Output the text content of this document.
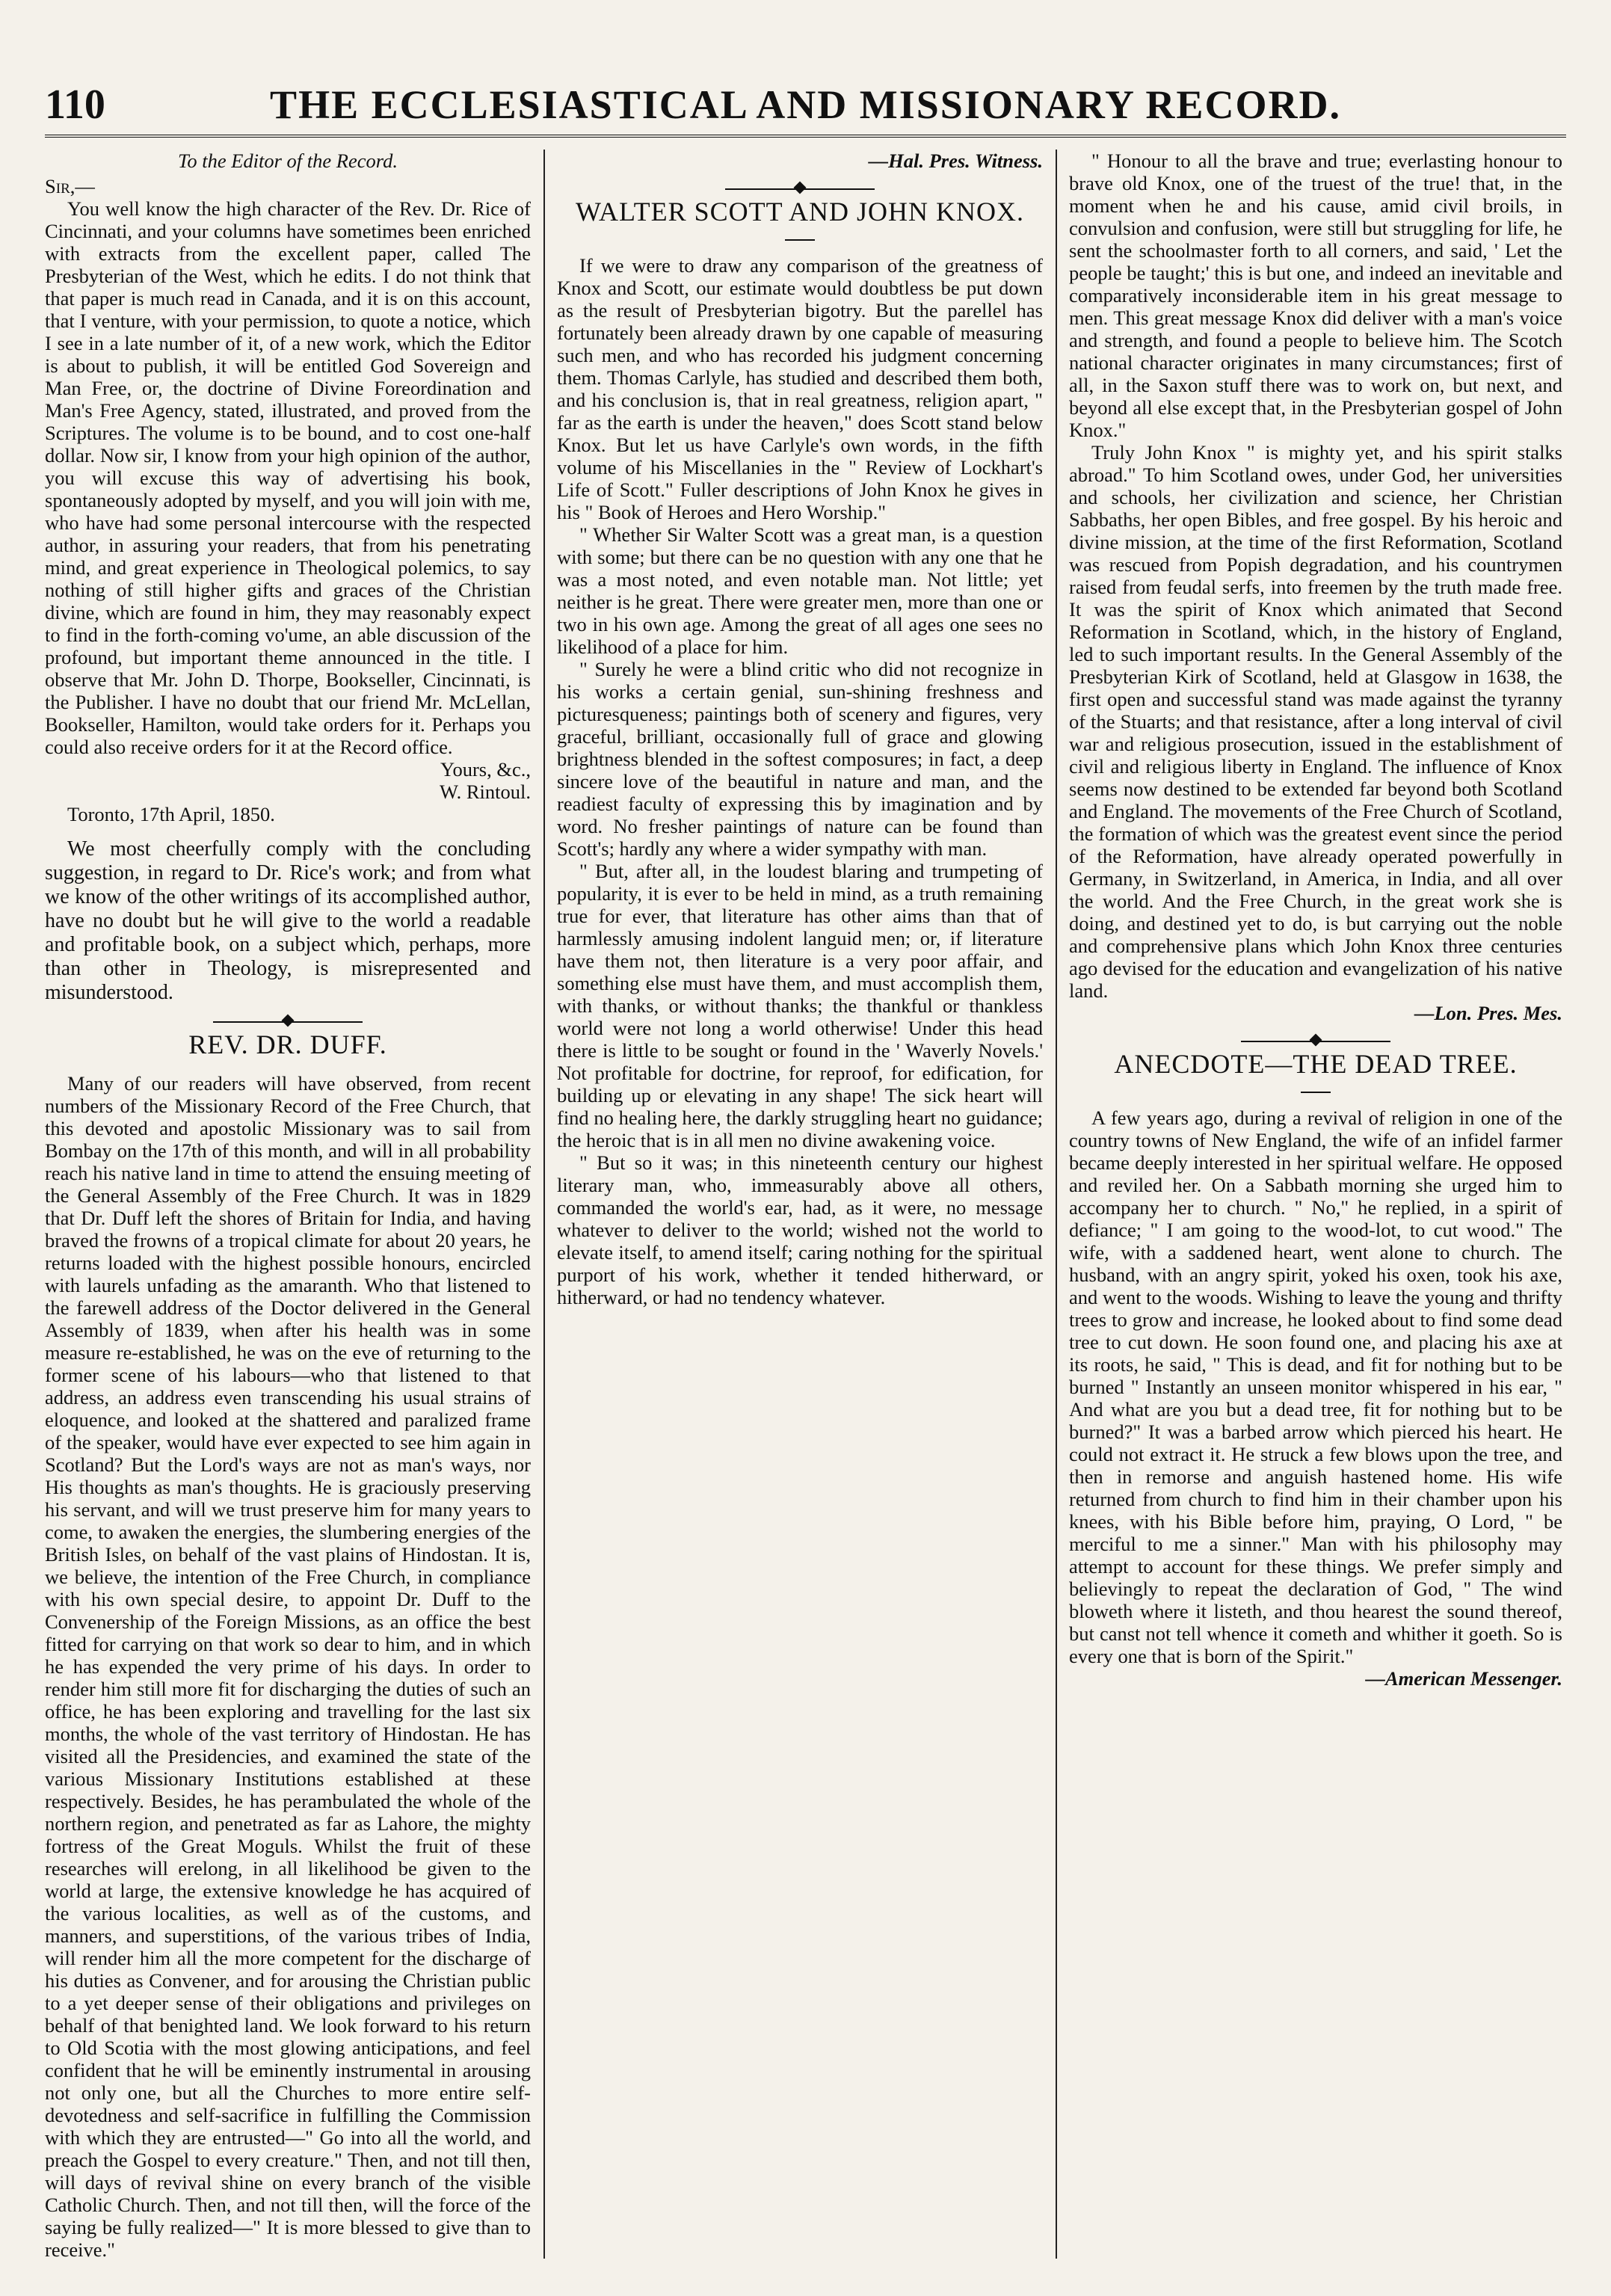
110	THE ECCLESIASTICAL AND MISSIONARY RECORD.

To the Editor of the Record.

Sir,—

You well know the high character of the Rev. Dr. Rice of Cincinnati, and your columns have sometimes been enriched with extracts from the excellent paper, called The Presbyterian of the West, which he edits. I do not think that that paper is much read in Canada, and it is on this account, that I venture, with your permission, to quote a notice, which I see in a late number of it, of a new work, which the Editor is about to publish, it will be entitled God Sovereign and Man Free, or, the doctrine of Divine Foreordination and Man's Free Agency, stated, illustrated, and proved from the Scriptures. The volume is to be bound, and to cost one-half dollar. Now sir, I know from your high opinion of the author, you will excuse this way of advertising his book, spontaneously adopted by myself, and you will join with me, who have had some personal intercourse with the respected author, in assuring your readers, that from his penetrating mind, and great experience in Theological polemics, to say nothing of still higher gifts and graces of the Christian divine, which are found in him, they may reasonably expect to find in the forth-coming vo'ume, an able discussion of the profound, but important theme announced in the title. I observe that Mr. John D. Thorpe, Bookseller, Cincinnati, is the Publisher. I have no doubt that our friend Mr. McLellan, Bookseller, Hamilton, would take orders for it. Perhaps you could also receive orders for it at the Record office.

Yours, &c.,

W. Rintoul.

Toronto, 17th April, 1850.

We most cheerfully comply with the concluding suggestion, in regard to Dr. Rice's work; and from what we know of the other writings of its accomplished author, have no doubt but he will give to the world a readable and profitable book, on a subject which, perhaps, more than other in Theology, is misrepresented and misunderstood.

REV. DR. DUFF.

Many of our readers will have observed, from recent numbers of the Missionary Record of the Free Church, that this devoted and apostolic Missionary was to sail from Bombay on the 17th of this month, and will in all probability reach his native land in time to attend the ensuing meeting of the General Assembly of the Free Church. It was in 1829 that Dr. Duff left the shores of Britain for India, and having braved the frowns of a tropical climate for about 20 years, he returns loaded with the highest possible honours, encircled with laurels unfading as the amaranth. Who that listened to the farewell address of the Doctor delivered in the General Assembly of 1839, when after his health was in some measure re-established, he was on the eve of returning to the former scene of his labours—who that listened to that address, an address even transcending his usual strains of eloquence, and looked at the shattered and paralized frame of the speaker, would have ever expected to see him again in Scotland? But the Lord's ways are not as man's ways, nor His thoughts as man's thoughts. He is graciously preserving his servant, and will we trust preserve him for many years to come, to awaken the energies, the slumbering energies of the British Isles, on behalf of the vast plains of Hindostan. It is, we believe, the intention of the Free Church, in compliance with his own special desire, to appoint Dr. Duff to the Convenership of the Foreign Missions, as an office the best fitted for carrying on that work so dear to him, and in which he has expended the very prime of his days. In order to render him still more fit for discharging the duties of such an office, he has been exploring and travelling for the last six months, the whole of the vast territory of Hindostan. He has visited all the Presidencies, and examined the state of the various Missionary Institutions established at these respectively. Besides, he has perambulated the whole of the northern region, and penetrated as far as Lahore, the mighty fortress of the Great Moguls. Whilst the fruit of these researches will erelong, in all likelihood be given to the world at large, the extensive knowledge he has acquired of the various localities, as well as of the customs, and manners, and superstitions, of the various tribes of India, will render him all the more competent for the discharge of his duties as Convener, and for arousing the Christian public to a yet deeper sense of their obligations and privileges on behalf of that benighted land. We look forward to his return to Old Scotia with the most glowing anticipations, and feel confident that he will be eminently instrumental in arousing not only one, but all the Churches to more entire self-devotedness and self-sacrifice in fulfilling the Commission with which they are entrusted—" Go into all the world, and preach the Gospel to every creature." Then, and not till then, will days of revival shine on every branch of the visible Catholic Church. Then, and not till then, will the force of the saying be fully realized—" It is more blessed to give than to receive."

—Hal. Pres. Witness.

WALTER SCOTT AND JOHN KNOX.

If we were to draw any comparison of the greatness of Knox and Scott, our estimate would doubtless be put down as the result of Presbyterian bigotry. But the parellel has fortunately been already drawn by one capable of measuring such men, and who has recorded his judgment concerning them. Thomas Carlyle, has studied and described them both, and his conclusion is, that in real greatness, religion apart, " far as the earth is under the heaven," does Scott stand below Knox. But let us have Carlyle's own words, in the fifth volume of his Miscellanies in the " Review of Lockhart's Life of Scott." Fuller descriptions of John Knox he gives in his " Book of Heroes and Hero Worship."

" Whether Sir Walter Scott was a great man, is a question with some; but there can be no question with any one that he was a most noted, and even notable man. Not little; yet neither is he great. There were greater men, more than one or two in his own age. Among the great of all ages one sees no likelihood of a place for him.

" Surely he were a blind critic who did not recognize in his works a certain genial, sun-shining freshness and picturesqueness; paintings both of scenery and figures, very graceful, brilliant, occasionally full of grace and glowing brightness blended in the softest composures; in fact, a deep sincere love of the beautiful in nature and man, and the readiest faculty of expressing this by imagination and by word. No fresher paintings of nature can be found than Scott's; hardly any where a wider sympathy with man.

" But, after all, in the loudest blaring and trumpeting of popularity, it is ever to be held in mind, as a truth remaining true for ever, that literature has other aims than that of harmlessly amusing indolent languid men; or, if literature have them not, then literature is a very poor affair, and something else must have them, and must accomplish them, with thanks, or without thanks; the thankful or thankless world were not long a world otherwise! Under this head there is little to be sought or found in the ' Waverly Novels.' Not profitable for doctrine, for reproof, for edification, for building up or elevating in any shape! The sick heart will find no healing here, the darkly struggling heart no guidance; the heroic that is in all men no divine awakening voice.

" But so it was; in this nineteenth century our highest literary man, who, immeasurably above all others, commanded the world's ear, had, as it were, no message whatever to deliver to the world; wished not the world to elevate itself, to amend itself; caring nothing for the spiritual purport of his work, whether it tended hitherward, or hitherward, or had no tendency whatever.

" Honour to all the brave and true; everlasting honour to brave old Knox, one of the truest of the true! that, in the moment when he and his cause, amid civil broils, in convulsion and confusion, were still but struggling for life, he sent the schoolmaster forth to all corners, and said, ' Let the people be taught;' this is but one, and indeed an inevitable and comparatively inconsiderable item in his great message to men. This great message Knox did deliver with a man's voice and strength, and found a people to believe him. The Scotch national character originates in many circumstances; first of all, in the Saxon stuff there was to work on, but next, and beyond all else except that, in the Presbyterian gospel of John Knox."

Truly John Knox " is mighty yet, and his spirit stalks abroad." To him Scotland owes, under God, her universities and schools, her civilization and science, her Christian Sabbaths, her open Bibles, and free gospel. By his heroic and divine mission, at the time of the first Reformation, Scotland was rescued from Popish degradation, and his countrymen raised from feudal serfs, into freemen by the truth made free. It was the spirit of Knox which animated that Second Reformation in Scotland, which, in the history of England, led to such important results. In the General Assembly of the Presbyterian Kirk of Scotland, held at Glasgow in 1638, the first open and successful stand was made against the tyranny of the Stuarts; and that resistance, after a long interval of civil war and religious prosecution, issued in the establishment of civil and religious liberty in England. The influence of Knox seems now destined to be extended far beyond both Scotland and England. The movements of the Free Church of Scotland, the formation of which was the greatest event since the period of the Reformation, have already operated powerfully in Germany, in Switzerland, in America, in India, and all over the world. And the Free Church, in the great work she is doing, and destined yet to do, is but carrying out the noble and comprehensive plans which John Knox three centuries ago devised for the education and evangelization of his native land.

—Lon. Pres. Mes.

ANECDOTE—THE DEAD TREE.

A few years ago, during a revival of religion in one of the country towns of New England, the wife of an infidel farmer became deeply interested in her spiritual welfare. He opposed and reviled her. On a Sabbath morning she urged him to accompany her to church. " No," he replied, in a spirit of defiance; " I am going to the wood-lot, to cut wood." The wife, with a saddened heart, went alone to church. The husband, with an angry spirit, yoked his oxen, took his axe, and went to the woods. Wishing to leave the young and thrifty trees to grow and increase, he looked about to find some dead tree to cut down. He soon found one, and placing his axe at its roots, he said, " This is dead, and fit for nothing but to be burned " Instantly an unseen monitor whispered in his ear, " And what are you but a dead tree, fit for nothing but to be burned?" It was a barbed arrow which pierced his heart. He could not extract it. He struck a few blows upon the tree, and then in remorse and anguish hastened home. His wife returned from church to find him in their chamber upon his knees, with his Bible before him, praying, O Lord, " be merciful to me a sinner." Man with his philosophy may attempt to account for these things. We prefer simply and believingly to repeat the declaration of God, " The wind bloweth where it listeth, and thou hearest the sound thereof, but canst not tell whence it cometh and whither it goeth. So is every one that is born of the Spirit."

—American Messenger.
